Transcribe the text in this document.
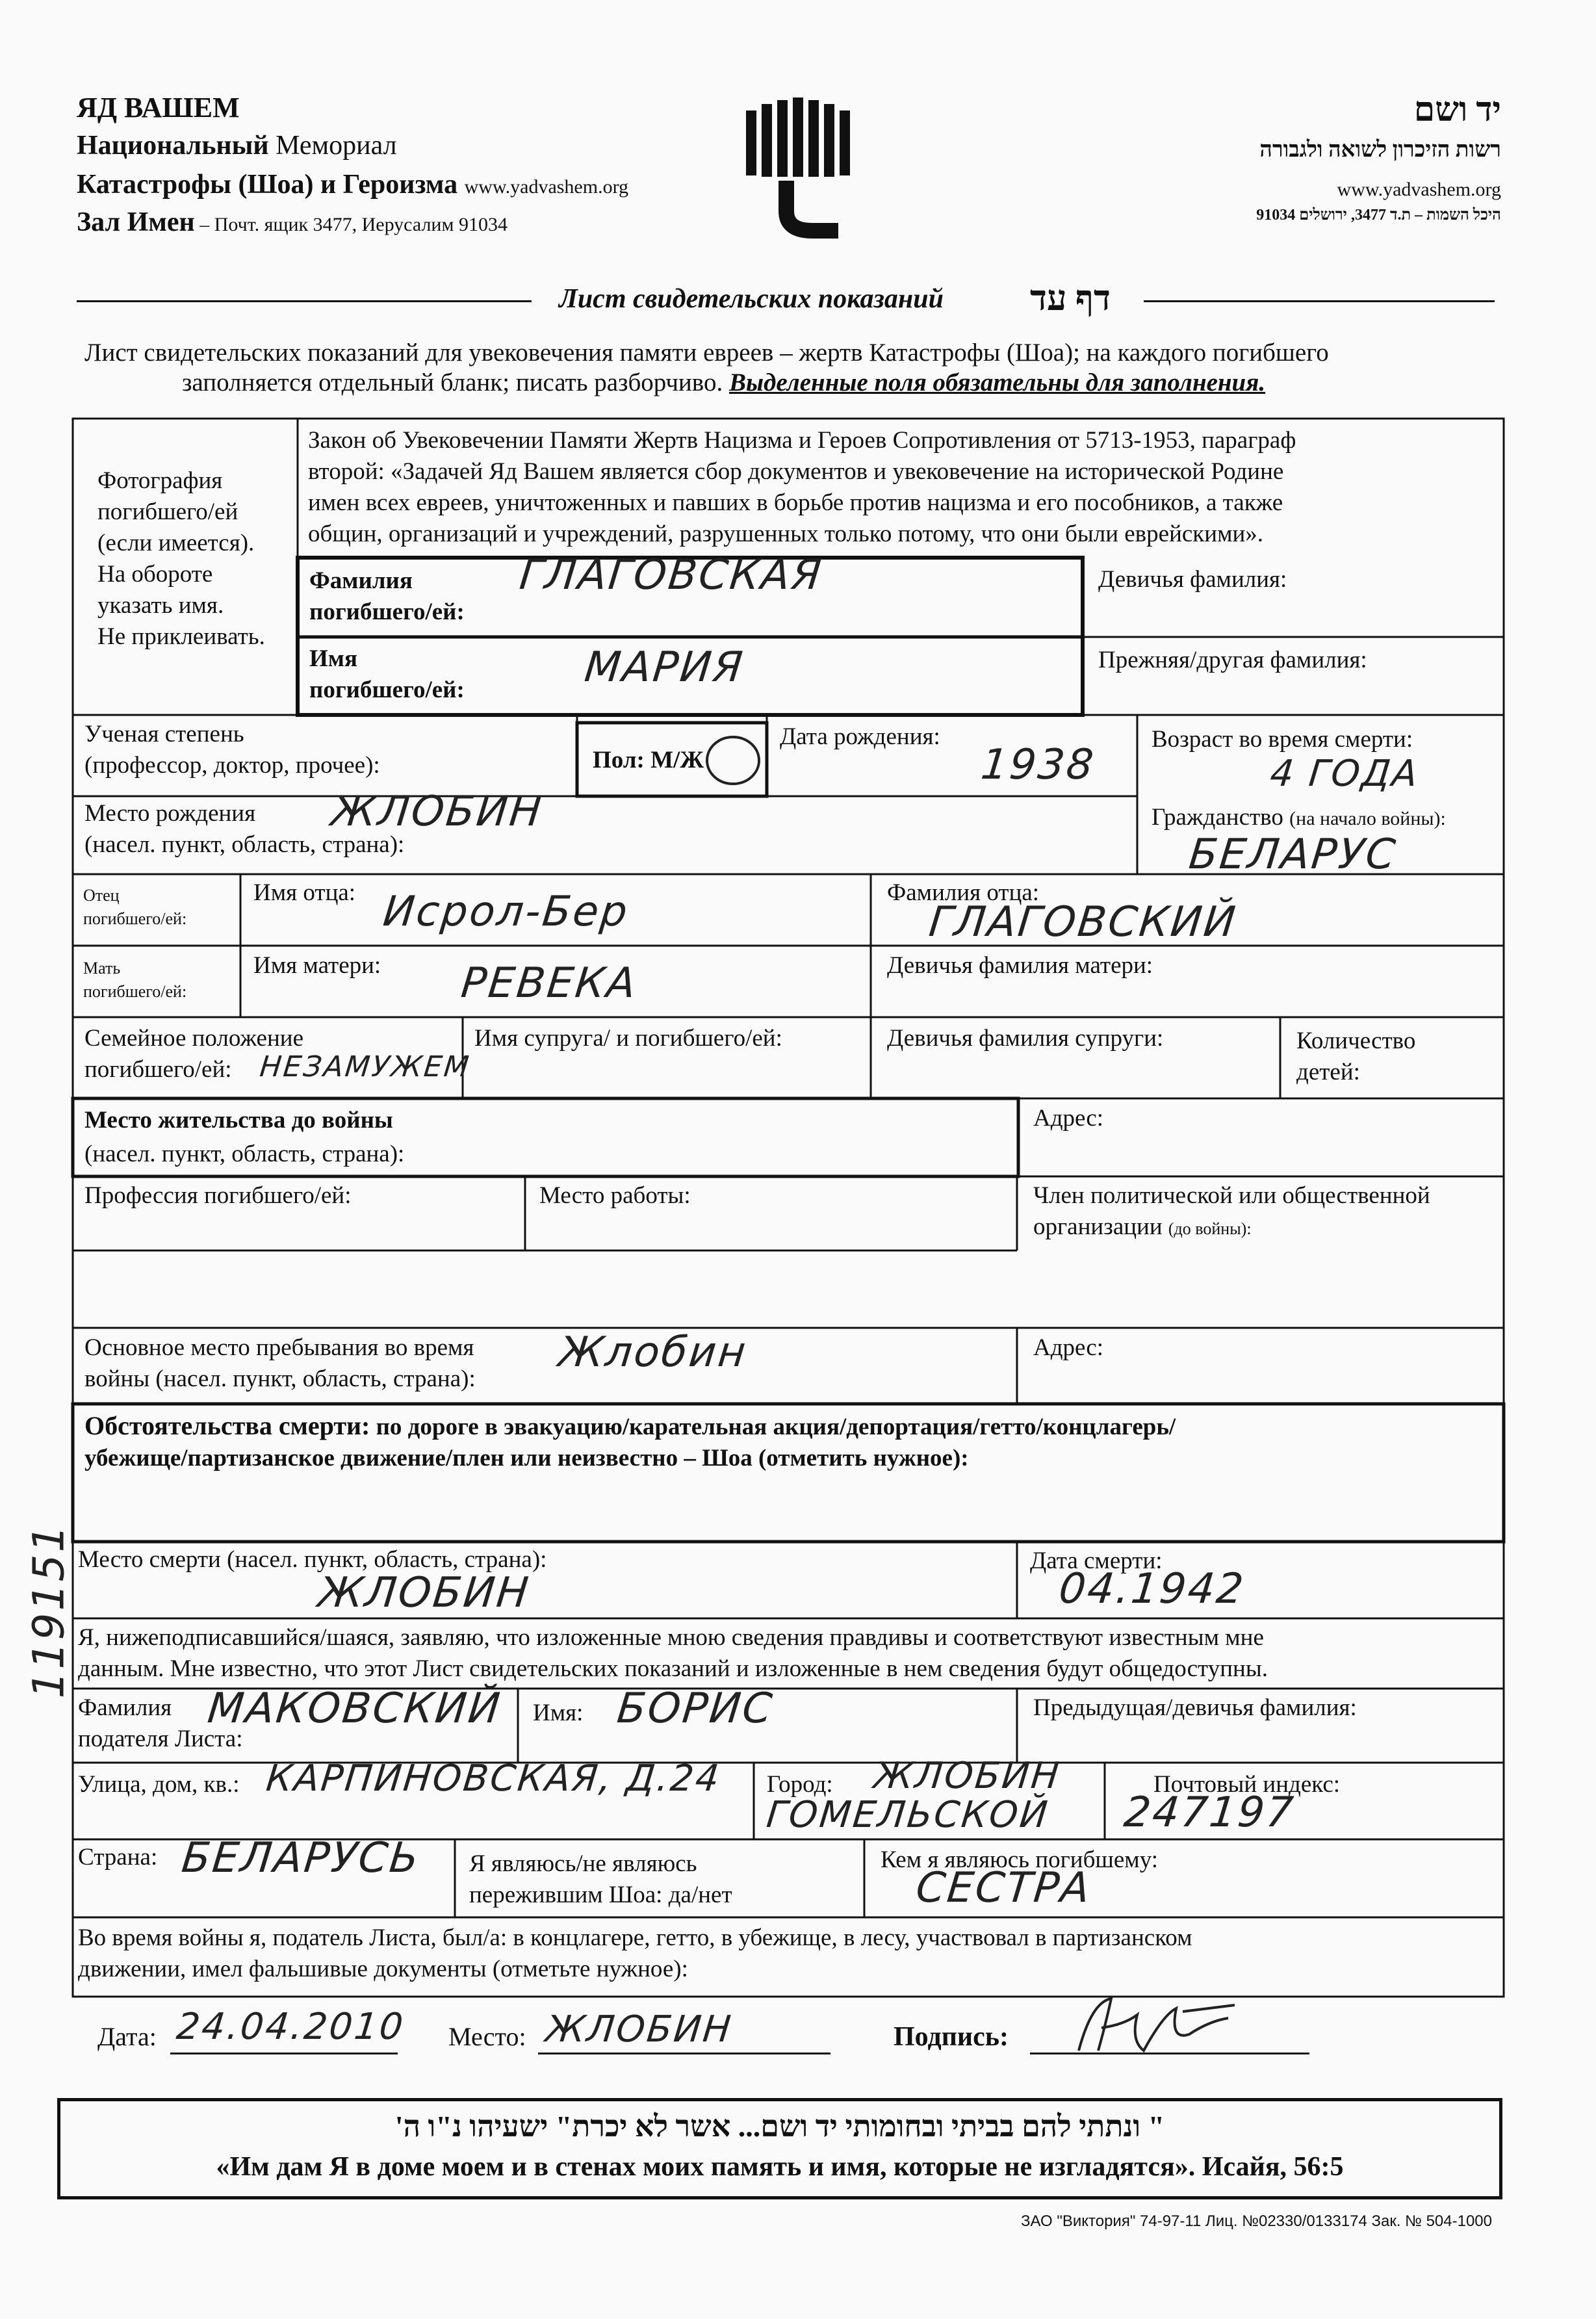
ЯД ВАШЕМ
Национальный Мемориал
Катастрофы (Шоа) и Героизма www.yadvashem.org
Зал Имен – Почт. ящик 3477, Иерусалим 91034
יד ושם
רשות הזיכרון לשואה ולגבורה
www.yadvashem.org
היכל השמות – ת.ד 3477, ירושלים 91034
Лист свидетельских показаний דף עד
Лист свидетельских показаний для увековечения памяти евреев – жертв Катастрофы (Шоа); на каждого погибшего
заполняется отдельный бланк; писать разборчиво. Выделенные поля обязательны для заполнения.
Фотография
погибшего/ей
(если имеется).
На обороте
указать имя.
Не приклеивать.
Закон об Увековечении Памяти Жертв Нацизма и Героев Сопротивления от 5713-1953, параграф
второй: «Задачей Яд Вашем является сбор документов и увековечение на исторической Родине
имен всех евреев, уничтоженных и павших в борьбе против нацизма и его пособников, а также
общин, организаций и учреждений, разрушенных только потому, что они были еврейскими».
Фамилия
погибшего/ей:
ГЛАГОВСКАЯ	Девичья фамилия:
Имя
погибшего/ей:	МАРИЯ	Прежняя/другая фамилия:
Ученая степень
(профессор, доктор, прочее):	Пол: М/Ж
Дата рождения:
1938
Возраст во время смерти:
4 ГОДА
Место рождения
(насел. пункт, область, страна):
ЖЛОБИН	Гражданство (на начало войны):
БЕЛАРУС
Отец
погибшего/ей:
Имя отца: Исрол-Бер	Фамилия отца:
ГЛАГОВСКИЙ
Мать
погибшего/ей:
Имя матери: РЕВЕКА	Девичья фамилия матери:
Семейное положение
погибшего/ей: НЕЗАМУЖЕМ
Имя супруга/ и погибшего/ей:	Девичья фамилия супруги:	Количество
детей:
Место жительства до войны
(насел. пункт, область, страна):
Адрес:
Профессия погибшего/ей:	Место работы:	Член политической или общественной
организации (до войны):
Основное место пребывания во время
войны (насел. пункт, область, страна):
Жлобин	Адрес:
Обстоятельства смерти: по дороге в эвакуацию/карательная акция/депортация/гетто/концлагерь/
убежище/партизанское движение/плен или неизвестно – Шоа (отметить нужное):
Место смерти (насел. пункт, область, страна):
ЖЛОБИН
Дата смерти:
04.1942
Я, нижеподписавшийся/шаяся, заявляю, что изложенные мною сведения правдивы и соответствуют известным мне
данным. Мне известно, что этот Лист свидетельских показаний и изложенные в нем сведения будут общедоступны.
Фамилия
подателя Листа:
МАКОВСКИЙ Имя: БОРИС	Предыдущая/девичья фамилия:
Улица, дом, кв.: КАРПИНОВСКАЯ, Д.24 Город: ЖЛОБИН
ГОМЕЛЬСКОЙ
Почтовый индекс:
247197
Страна: БЕЛАРУСЬ Я являюсь/не являюсь
пережившим Шоа: да/нет
Кем я являюсь погибшему:
СЕСТРА
Во время войны я, податель Листа, был/а: в концлагере, гетто, в убежище, в лесу, участвовал в партизанском
движении, имел фальшивые документы (отметьте нужное):
Дата: 24.04.2010 Место: ЖЛОБИН	Подпись:
" ונתתי להם בביתי ובחומותי יד ושם... אשר לא יכרת" ישעיהו נ"ו ה'
«Им дам Я в доме моем и в стенах моих память и имя, которые не изгладятся». Исайя, 56:5
ЗАО "Виктория" 74-97-11 Лиц. №02330/0133174 Зак. № 504-1000
119151
